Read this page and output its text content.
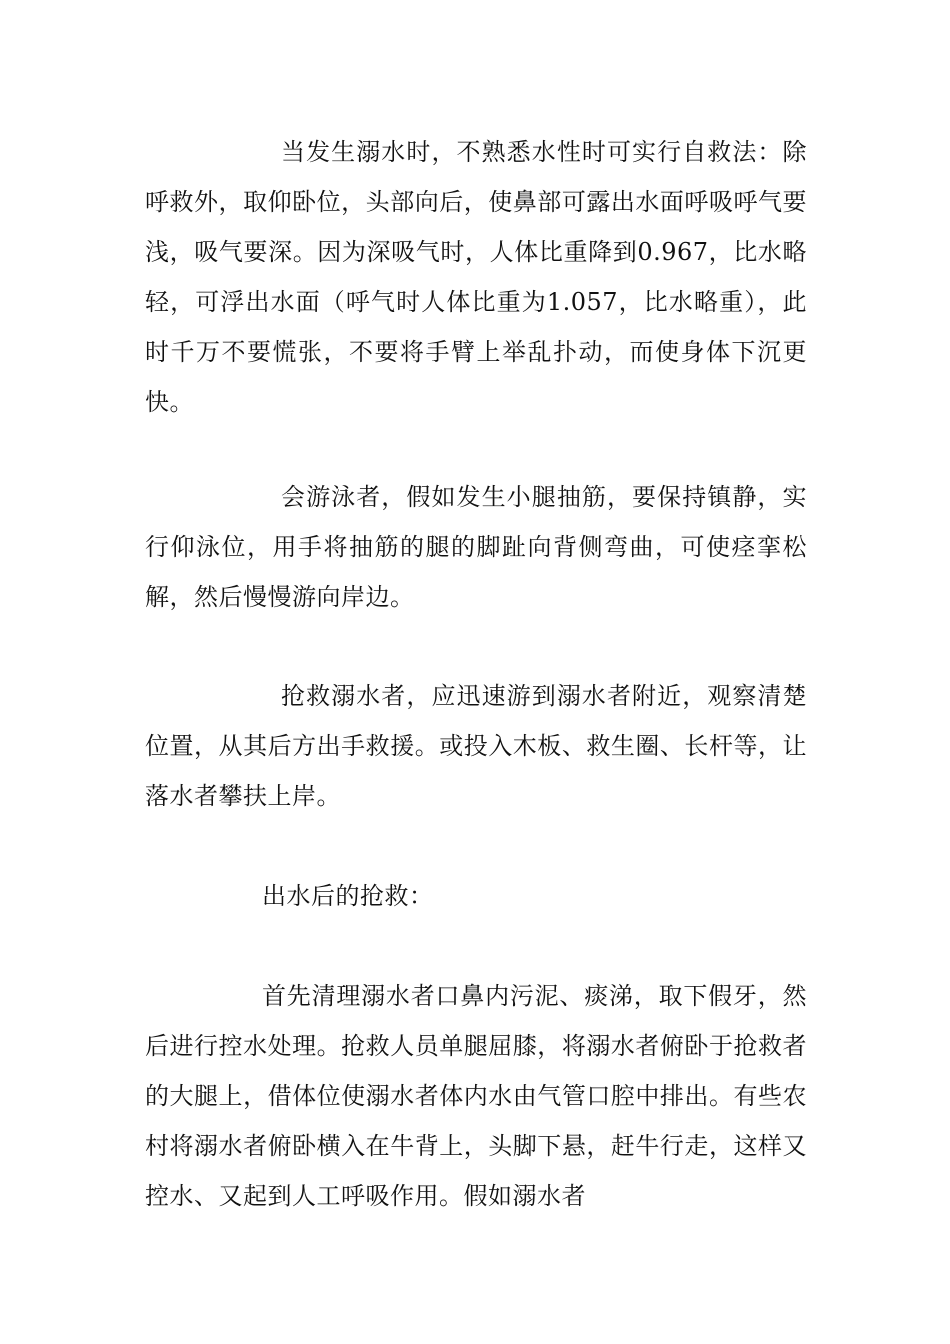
当发生溺水时，不熟悉水性时可实行自救法：除呼救外，取仰卧位，头部向后，使鼻部可露出水面呼吸呼气要浅，吸气要深。因为深吸气时，人体比重降到0.967，比水略轻，可浮出水面（呼气时人体比重为1.057，比水略重），此时千万不要慌张，不要将手臂上举乱扑动，而使身体下沉更快。

会游泳者，假如发生小腿抽筋，要保持镇静，实行仰泳位，用手将抽筋的腿的脚趾向背侧弯曲，可使痉挛松解，然后慢慢游向岸边。

抢救溺水者，应迅速游到溺水者附近，观察清楚位置，从其后方出手救援。或投入木板、救生圈、长杆等，让落水者攀扶上岸。

出水后的抢救：

首先清理溺水者口鼻内污泥、痰涕，取下假牙，然后进行控水处理。抢救人员单腿屈膝，将溺水者俯卧于抢救者的大腿上，借体位使溺水者体内水由气管口腔中排出。有些农村将溺水者俯卧横入在牛背上，头脚下悬，赶牛行走，这样又控水、又起到人工呼吸作用。假如溺水者
